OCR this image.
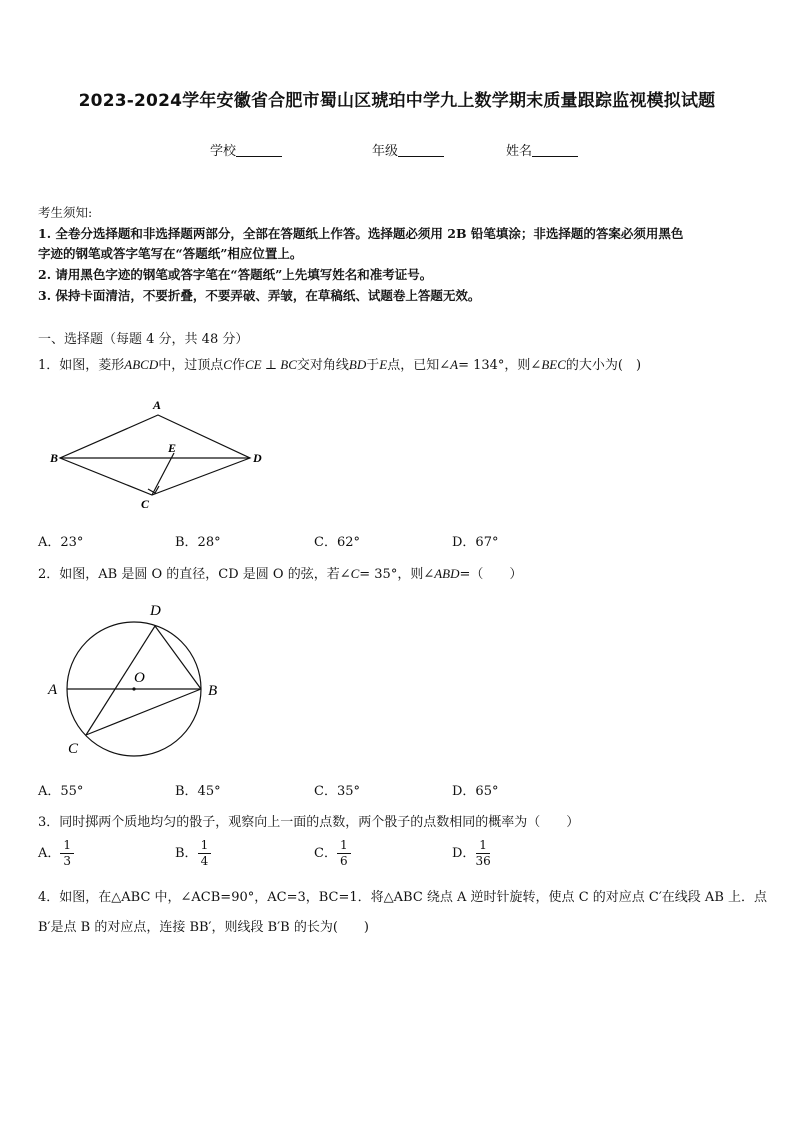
2023-2024学年安徽省合肥市蜀山区琥珀中学九上数学期末质量跟踪监视模拟试题
学校	年级	姓名
考生须知:
1. 全卷分选择题和非选择题两部分，全部在答题纸上作答。选择题必须用 2B 铅笔填涂；非选择题的答案必须用黑色
字迹的钢笔或答字笔写在“答题纸”相应位置上。
2. 请用黑色字迹的钢笔或答字笔在“答题纸”上先填写姓名和准考证号。
3. 保持卡面清洁，不要折叠，不要弄破、弄皱，在草稿纸、试题卷上答题无效。
一、选择题（每题 4 分，共 48 分）
1．如图，菱形ABCD中，过顶点C作CE ⊥ BC交对角线BD于E点，已知∠A= 134°，则∠BEC的大小为(　)
A
B	D
E
C
A．23°	B．28°	C．62°	D．67°
2．如图，AB 是圆 O 的直径，CD 是圆 O 的弦，若∠C= 35°，则∠ABD=（　　）
D
A	B
O
C
A．55°	B．45°	C．35°	D．65°
3．同时掷两个质地均匀的骰子，观察向上一面的点数，两个骰子的点数相同的概率为（　　）
A． $\frac{1}{3}$	B． $\frac{1}{4}$	C． $\frac{1}{6}$	D． $\frac{1}{36}$
4．如图，在△ABC 中，∠ACB=90°，AC=3，BC=1．将△ABC 绕点 A 逆时针旋转，使点 C 的对应点 C′在线段 AB 上．点
B′是点 B 的对应点，连接 BB′，则线段 B′B 的长为(　　)
